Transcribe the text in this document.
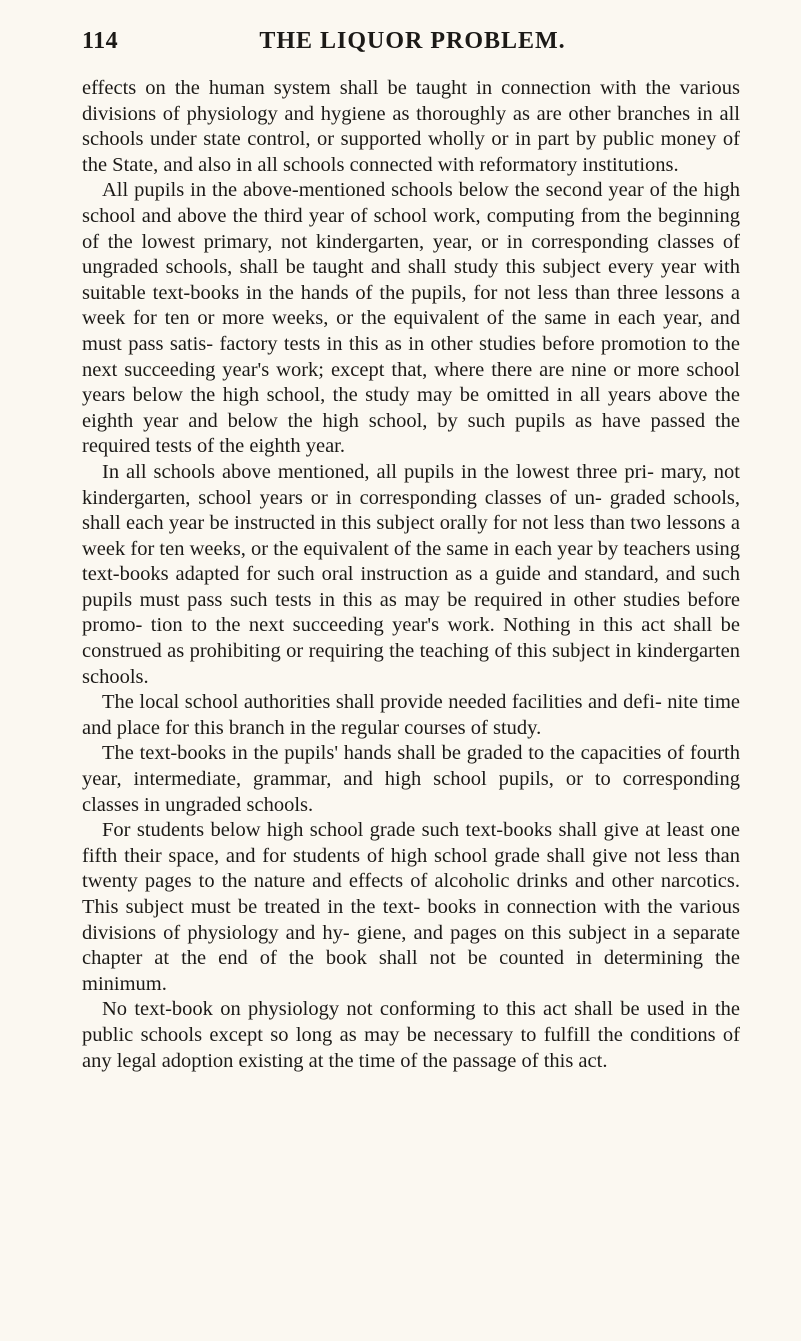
114	THE LIQUOR PROBLEM.

effects on the human system shall be taught in connection with the various divisions of physiology and hygiene as thoroughly as are other branches in all schools under state control, or supported wholly or in part by public money of the State, and also in all schools connected with reformatory institutions.

All pupils in the above-mentioned schools below the second year of the high school and above the third year of school work, computing from the beginning of the lowest primary, not kindergarten, year, or in corresponding classes of ungraded schools, shall be taught and shall study this subject every year with suitable text-books in the hands of the pupils, for not less than three lessons a week for ten or more weeks, or the equivalent of the same in each year, and must pass satis- factory tests in this as in other studies before promotion to the next succeeding year's work; except that, where there are nine or more school years below the high school, the study may be omitted in all years above the eighth year and below the high school, by such pupils as have passed the required tests of the eighth year.

In all schools above mentioned, all pupils in the lowest three pri- mary, not kindergarten, school years or in corresponding classes of un- graded schools, shall each year be instructed in this subject orally for not less than two lessons a week for ten weeks, or the equivalent of the same in each year by teachers using text-books adapted for such oral instruction as a guide and standard, and such pupils must pass such tests in this as may be required in other studies before promo- tion to the next succeeding year's work. Nothing in this act shall be construed as prohibiting or requiring the teaching of this subject in kindergarten schools.

The local school authorities shall provide needed facilities and defi- nite time and place for this branch in the regular courses of study.

The text-books in the pupils' hands shall be graded to the capacities of fourth year, intermediate, grammar, and high school pupils, or to corresponding classes in ungraded schools.

For students below high school grade such text-books shall give at least one fifth their space, and for students of high school grade shall give not less than twenty pages to the nature and effects of alcoholic drinks and other narcotics. This subject must be treated in the text- books in connection with the various divisions of physiology and hy- giene, and pages on this subject in a separate chapter at the end of the book shall not be counted in determining the minimum.

No text-book on physiology not conforming to this act shall be used in the public schools except so long as may be necessary to fulfill the conditions of any legal adoption existing at the time of the passage of this act.
